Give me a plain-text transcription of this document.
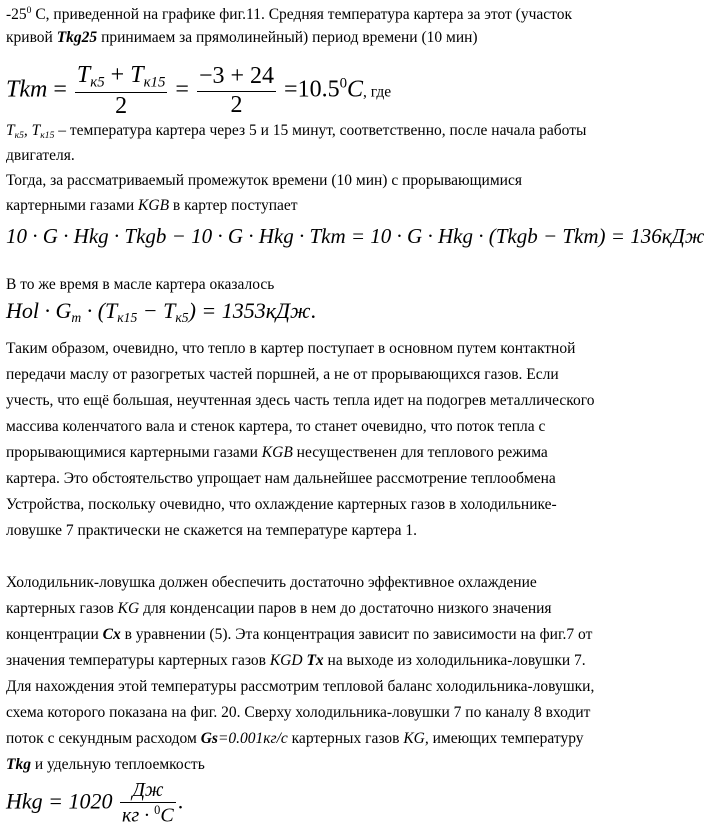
$-25^0$ С, приведенной на графике фиг.11. Средняя температура картера за этот (участок
кривой Tkg25 принимаем за прямолинейный) период времени (10 мин)
Tkm = $\frac{T_{к5} + T_{к15}}{2} = \frac{-3 + 24}{2} =10.5^0C$, где
$Т_{к5}$, $Т_{к15}$ – температура картера через 5 и 15 минут, соответственно, после начала работы
двигателя.
Тогда, за рассматриваемый промежуток времени (10 мин) с прорывающимися
картерными газами KGB в картер поступает
10 · G · Hkg · Tkgb − 10 · G · Hkg · Tkm = 10 · G · Hkg · (Tkgb − Tkm) = 136кДж
В то же время в масле картера оказалось
Hol · $G_m \cdot (T_{к15} - T_{к5}) = 1353кДж$.
Таким образом, очевидно, что тепло в картер поступает в основном путем контактной
передачи маслу от разогретых частей поршней, а не от прорывающихся газов. Если
учесть, что ещё большая, неучтенная здесь часть тепла идет на подогрев металлического
массива коленчатого вала и стенок картера, то станет очевидно, что поток тепла с
прорывающимися картерными газами KGB несущественен для теплового режима
картера. Это обстоятельство упрощает нам дальнейшее рассмотрение теплообмена
Устройства, поскольку очевидно, что охлаждение картерных газов в холодильнике-
ловушке 7 практически не скажется на температуре картера 1.
Холодильник-ловушка должен обеспечить достаточно эффективное охлаждение
картерных газов KG для конденсации паров в нем до достаточно низкого значения
концентрации Cx в уравнении (5). Эта концентрация зависит по зависимости на фиг.7 от
значения температуры картерных газов KGD Tx на выходе из холодильника-ловушки 7.
Для нахождения этой температуры рассмотрим тепловой баланс холодильника-ловушки,
схема которого показана на фиг. 20. Сверху холодильника-ловушки 7 по каналу 8 входит
поток с секундным расходом Gs=0.001кг/с картерных газов KG, имеющих температуру
Tkg и удельную теплоемкость
Hkg = $1020 \frac{Дж}{кг \cdot ^0C}$ .
